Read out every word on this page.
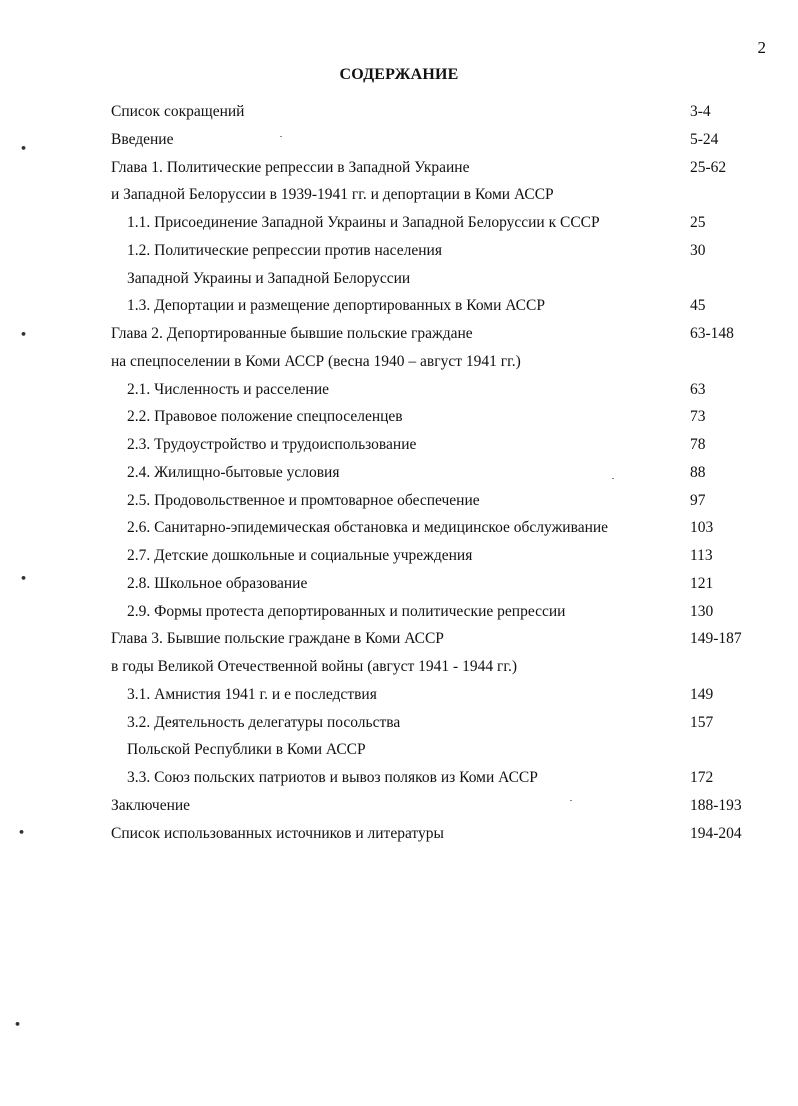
2
СОДЕРЖАНИЕ
Список сокращений	3-4
Введение	5-24
Глава 1. Политические репрессии в Западной Украине	25-62
и Западной Белоруссии в 1939-1941 гг. и депортации в Коми АССР
1.1. Присоединение Западной Украины и Западной Белоруссии к СССР	25
1.2. Политические репрессии против населения	30
Западной Украины и Западной Белоруссии
1.3. Депортации и размещение депортированных в Коми АССР	45
Глава 2. Депортированные бывшие польские граждане	63-148
на спецпоселении в Коми АССР (весна 1940 – август 1941 гг.)
2.1. Численность и расселение	63
2.2. Правовое положение спецпоселенцев	73
2.3. Трудоустройство и трудоиспользование	78
2.4. Жилищно-бытовые условия	88
2.5. Продовольственное и промтоварное обеспечение	97
2.6. Санитарно-эпидемическая обстановка и медицинское обслуживание	103
2.7. Детские дошкольные и социальные учреждения	113
2.8. Школьное образование	121
2.9. Формы протеста депортированных и политические репрессии	130
Глава 3. Бывшие польские граждане в Коми АССР	149-187
в годы Великой Отечественной войны (август 1941 - 1944 гг.)
3.1. Амнистия 1941 г. и е последствия	149
3.2. Деятельность делегатуры посольства	157
Польской Республики в Коми АССР
3.3. Союз польских патриотов и вывоз поляков из Коми АССР	172
Заключение	188-193
Список использованных источников и литературы	194-204
•
•
•
•
•
